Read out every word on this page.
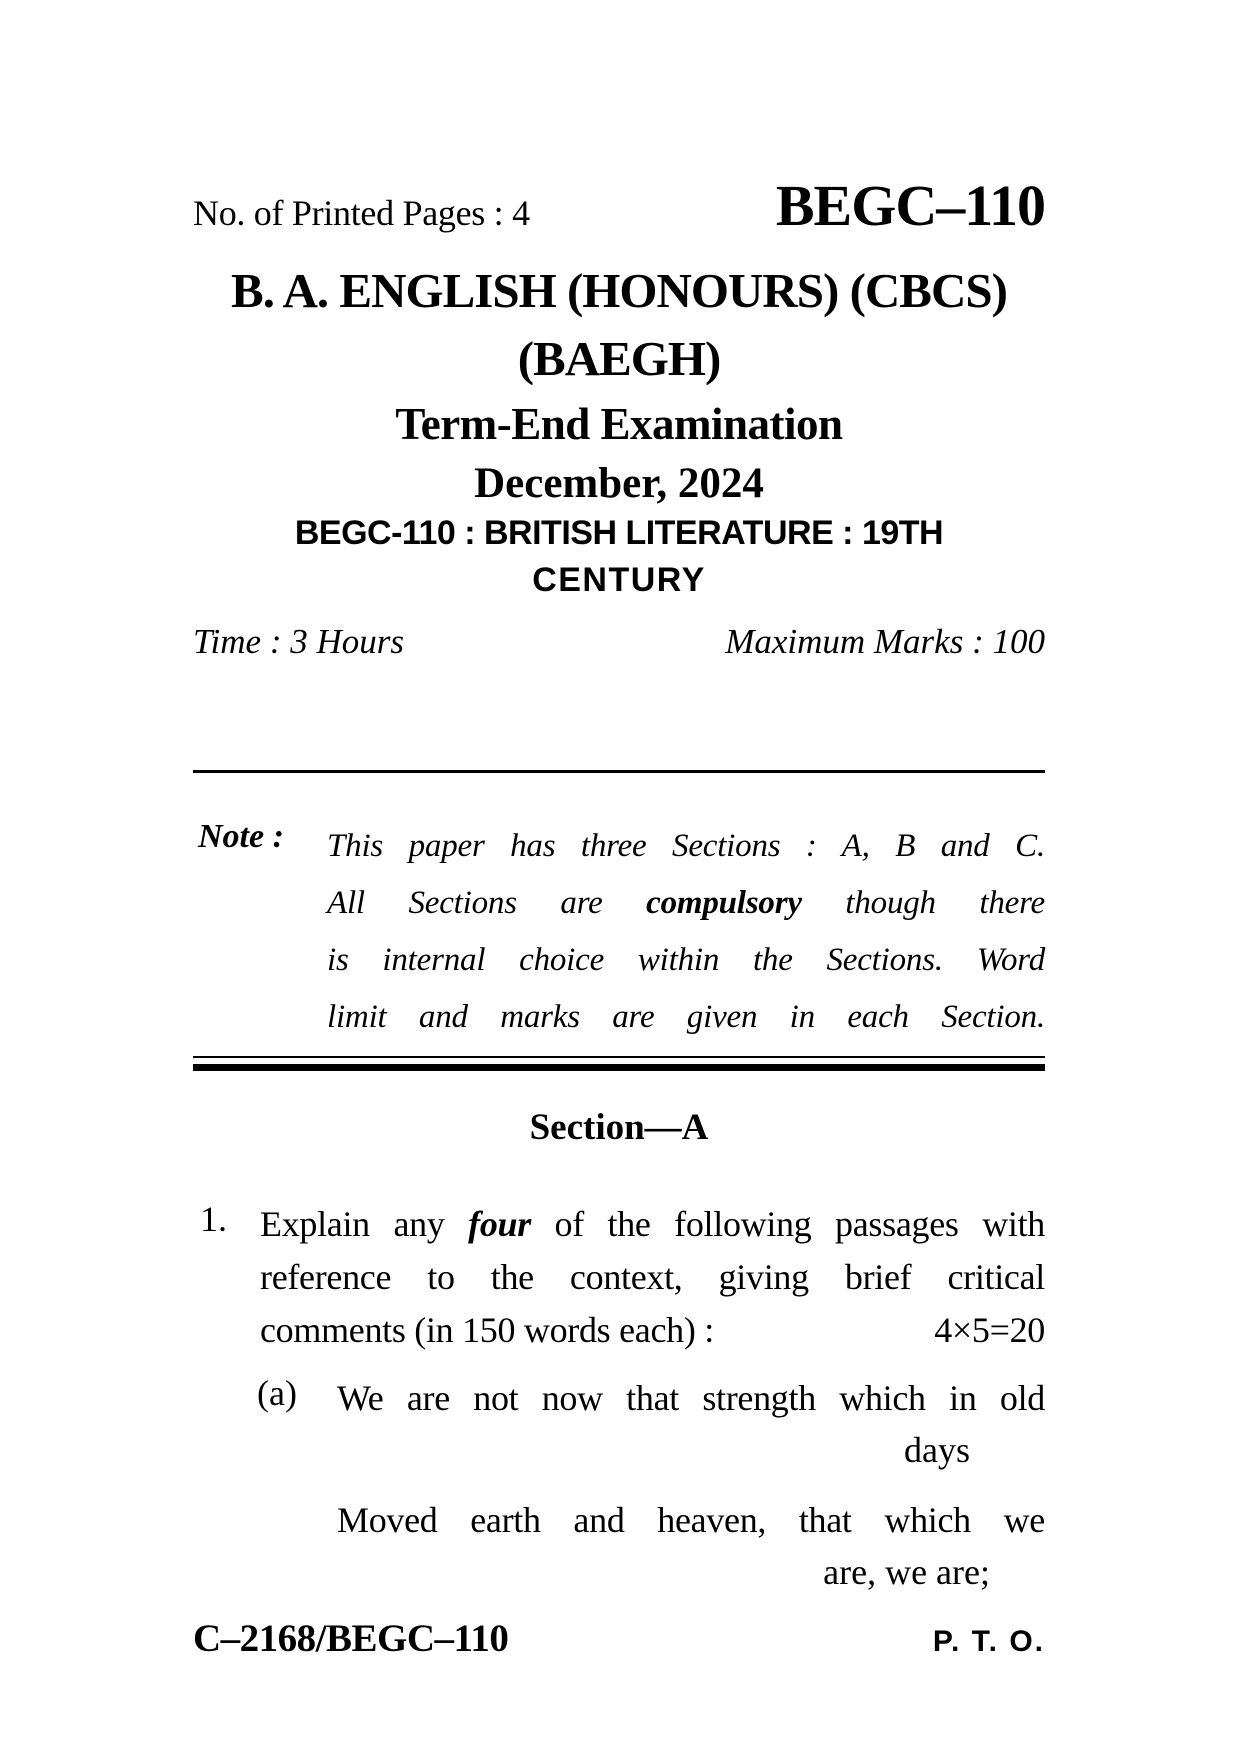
No. of Printed Pages : 4	BEGC–110
B. A. ENGLISH (HONOURS) (CBCS)
(BAEGH)
Term-End Examination
December, 2024
BEGC-110 : BRITISH LITERATURE : 19TH
CENTURY
Time : 3 Hours	Maximum Marks : 100
Note : This paper has three Sections : A, B and C.
All Sections are compulsory though there
is internal choice within the Sections. Word
limit and marks are given in each Section.
Section—A
1. Explain any four of the following passages with
reference to the context, giving brief critical
comments (in 150 words each) :	4×5=20
(a) We are not now that strength which in old
days
Moved earth and heaven, that which we
are, we are;
C–2168/BEGC–110	P. T. O.
